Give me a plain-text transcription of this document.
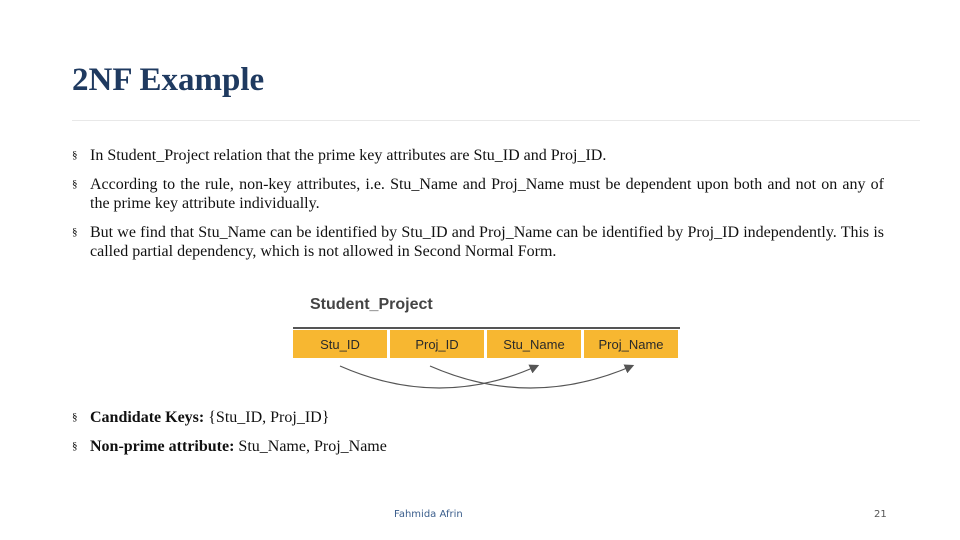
2NF Example
§ In Student_Project relation that the prime key attributes are Stu_ID and Proj_ID.
§ According to the rule, non-key attributes, i.e. Stu_Name and Proj_Name must be dependent upon both and not on any of the prime key attribute individually.
§ But we find that Stu_Name can be identified by Stu_ID and Proj_Name can be identified by Proj_ID independently. This is called partial dependency, which is not allowed in Second Normal Form.
Student_Project
Stu_ID	Proj_ID	Stu_Name	Proj_Name
§ Candidate Keys: {Stu_ID, Proj_ID}
§ Non-prime attribute: Stu_Name, Proj_Name
Fahmida Afrin	21
